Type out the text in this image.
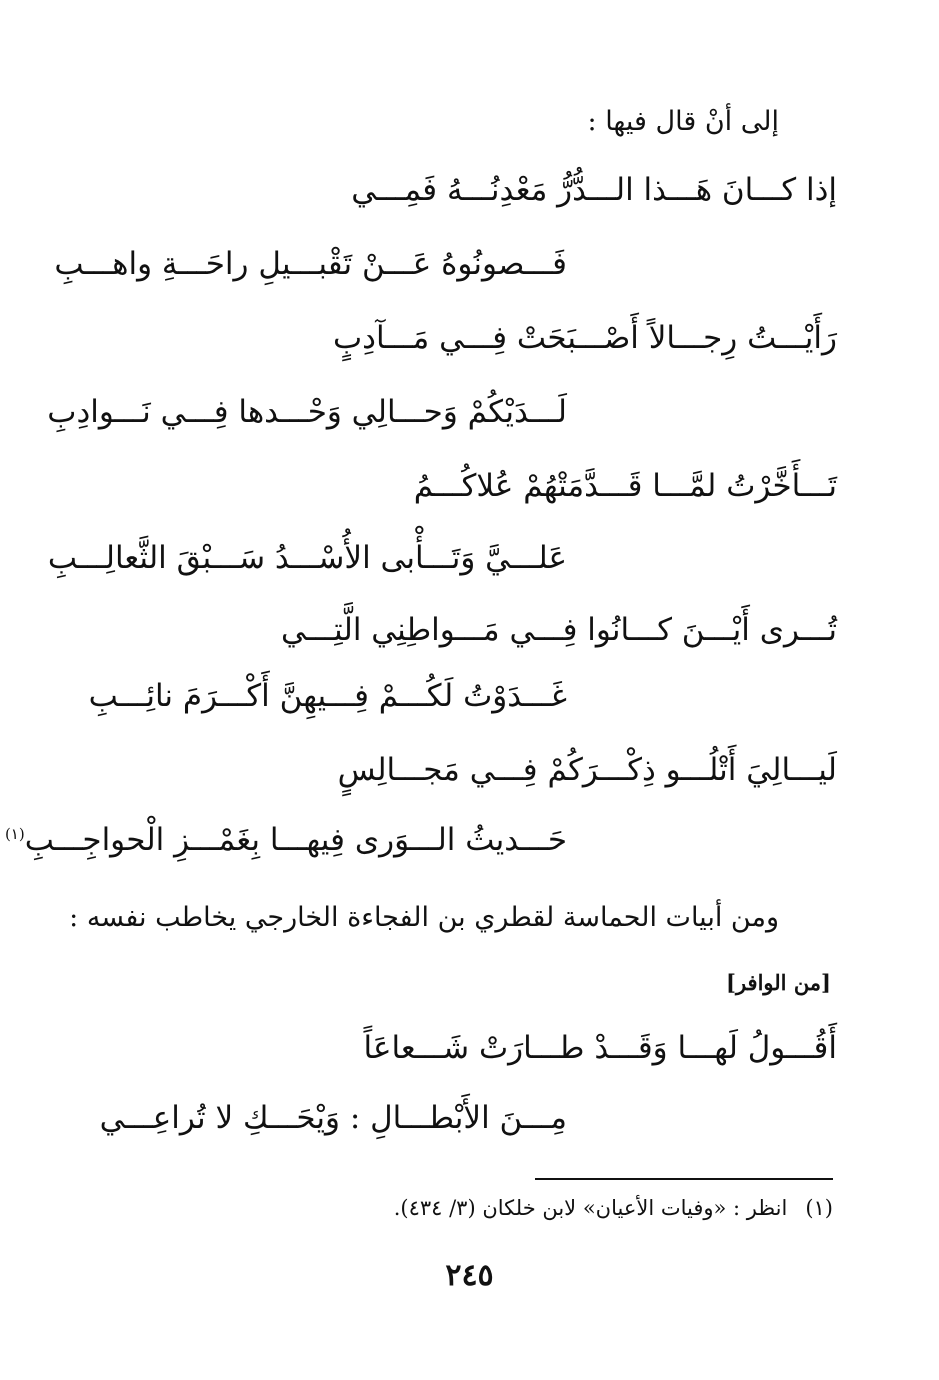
إلى أنْ قال فيها :
إذا كـــانَ هَـــذا الـــدُّرُّ مَعْدِنُـــهُ فَمِـــي
فَـــصونُوهُ عَـــنْ تَقْبـــيلِ راحَـــةِ واهـــبِ
رَأَيْـــتُ رِجـــالاً أَصْـــبَحَتْ فِـــي مَـــآدِبٍ
لَـــدَيْكُمْ وَحـــالِي وَحْـــدها فِـــي نَـــوادِبِ
تَـــأَخَّرْتُ لمَّـــا قَـــدَّمَتْهُمْ عُلاكُـــمُ
عَلـــيَّ وَتَـــأْبى الأُسْـــدُ سَـــبْقَ الثَّعالِـــبِ
تُـــرى أَيْـــنَ كـــانُوا فِـــي مَـــواطِنِي الَّتِـــي
غَـــدَوْتُ لَكُـــمْ فِـــيهِنَّ أَكْـــرَمَ نائِـــبِ
لَيـــالِيَ أَتْلُـــو ذِكْـــرَكُمْ فِـــي مَجـــالِسٍ
حَـــديثُ الـــوَرى فِيهـــا بِغَمْـــزِ الْحواجِـــبِ$^{(١)}$
ومن أبيات الحماسة لقطري بن الفجاءة الخارجي يخاطب نفسه :
[من الوافر]
أَقُـــولُ لَهـــا وَقَـــدْ طـــارَتْ شَـــعاعَاً
مِـــنَ الأَبْطـــالِ : وَيْحَـــكِ لا تُراعِـــي
(١)انظر : «وفيات الأعيان» لابن خلكان (٣/ ٤٣٤).
٢٤٥
